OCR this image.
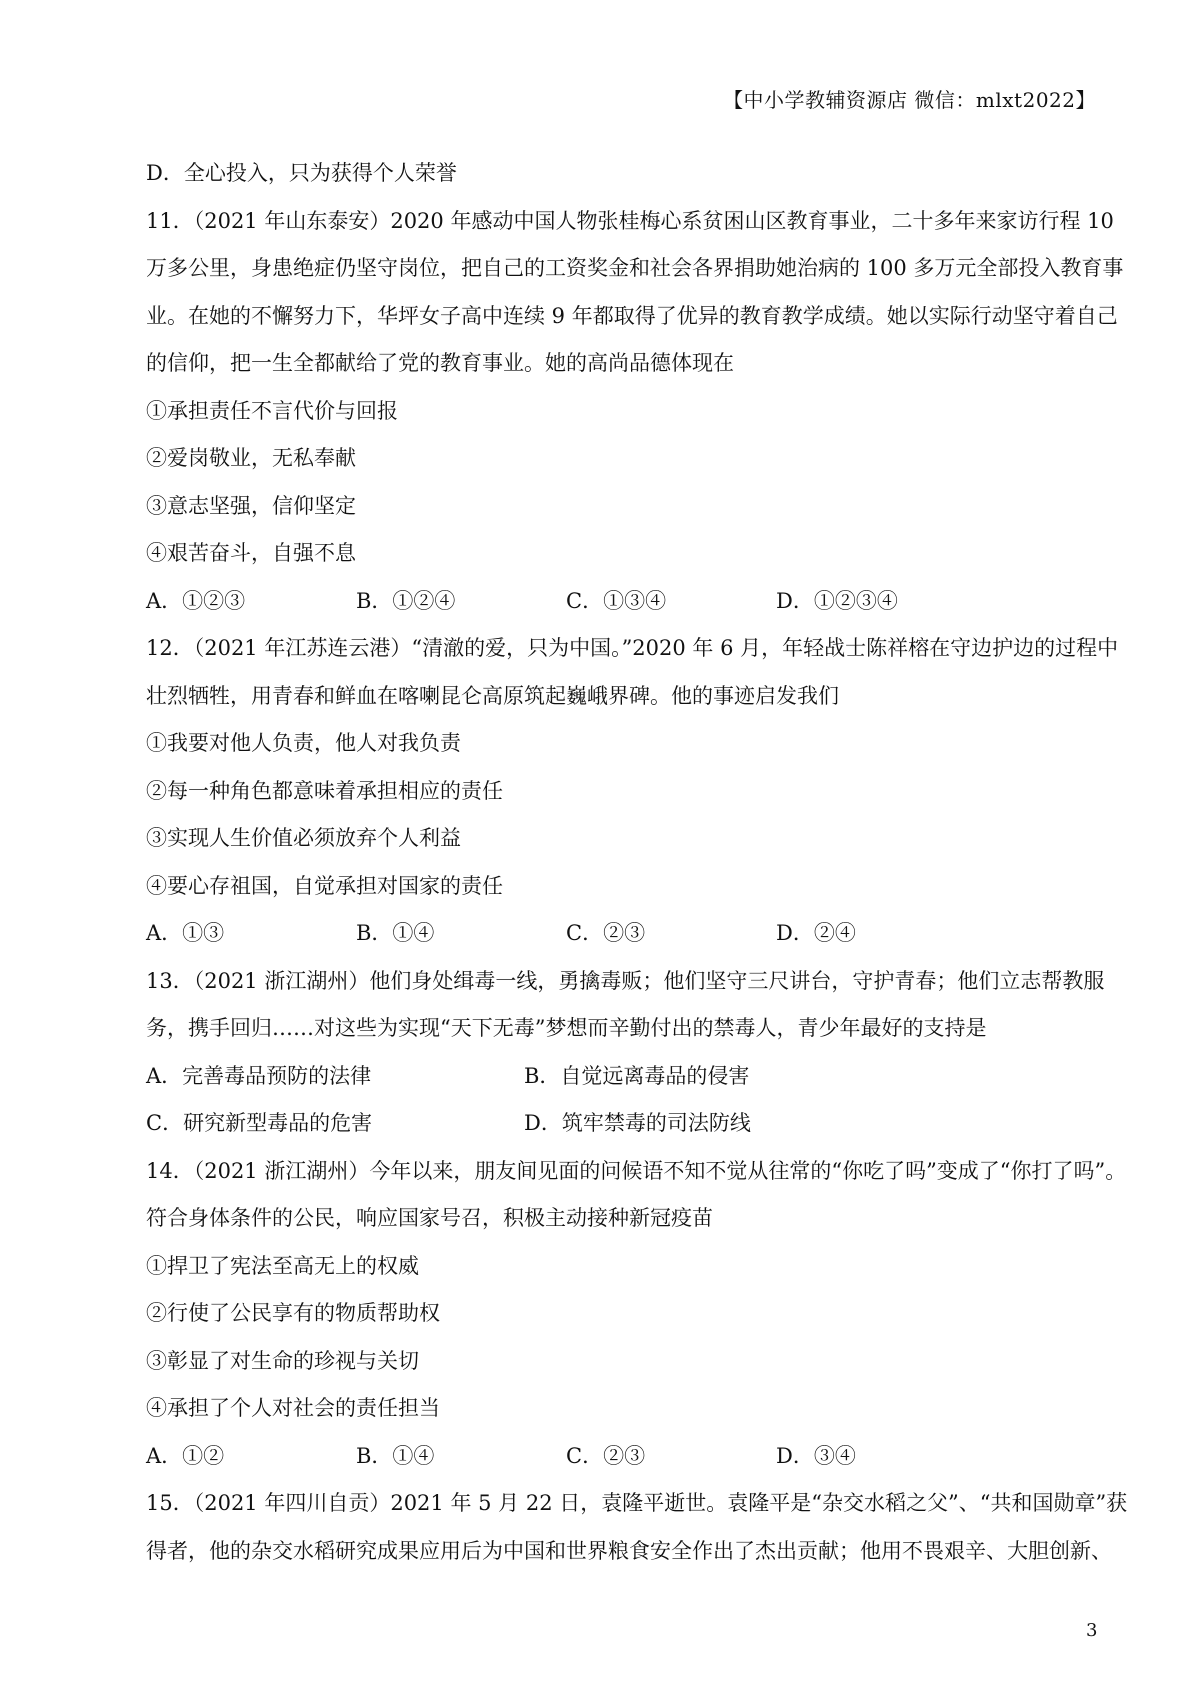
【中小学教辅资源店 微信：mlxt2022】
D．全心投入，只为获得个人荣誉
11．（2021 年山东泰安）2020 年感动中国人物张桂梅心系贫困山区教育事业，二十多年来家访行程 10
万多公里，身患绝症仍坚守岗位，把自己的工资奖金和社会各界捐助她治病的 100 多万元全部投入教育事
业。在她的不懈努力下，华坪女子高中连续 9 年都取得了优异的教育教学成绩。她以实际行动坚守着自己
的信仰，把一生全都献给了党的教育事业。她的高尚品德体现在
①承担责任不言代价与回报
②爱岗敬业，无私奉献
③意志坚强，信仰坚定
④艰苦奋斗，自强不息
A．①②③	B．①②④	C．①③④	D．①②③④
12．（2021 年江苏连云港）“清澈的爱，只为中国。”2020 年 6 月，年轻战士陈祥榕在守边护边的过程中
壮烈牺牲，用青春和鲜血在喀喇昆仑高原筑起巍峨界碑。他的事迹启发我们
①我要对他人负责，他人对我负责
②每一种角色都意味着承担相应的责任
③实现人生价值必须放弃个人利益
④要心存祖国，自觉承担对国家的责任
A．①③	B．①④	C．②③	D．②④
13．（2021 浙江湖州）他们身处缉毒一线，勇擒毒贩；他们坚守三尺讲台，守护青春；他们立志帮教服
务，携手回归……对这些为实现“天下无毒”梦想而辛勤付出的禁毒人，青少年最好的支持是
A．完善毒品预防的法律	B．自觉远离毒品的侵害
C．研究新型毒品的危害	D．筑牢禁毒的司法防线
14．（2021 浙江湖州）今年以来，朋友间见面的问候语不知不觉从往常的“你吃了吗”变成了“你打了吗”。
符合身体条件的公民，响应国家号召，积极主动接种新冠疫苗
①捍卫了宪法至高无上的权威
②行使了公民享有的物质帮助权
③彰显了对生命的珍视与关切
④承担了个人对社会的责任担当
A．①②	B．①④	C．②③	D．③④
15．（2021 年四川自贡）2021 年 5 月 22 日，袁隆平逝世。袁隆平是“杂交水稻之父”、“共和国勋章”获
得者，他的杂交水稻研究成果应用后为中国和世界粮食安全作出了杰出贡献；他用不畏艰辛、大胆创新、
3
